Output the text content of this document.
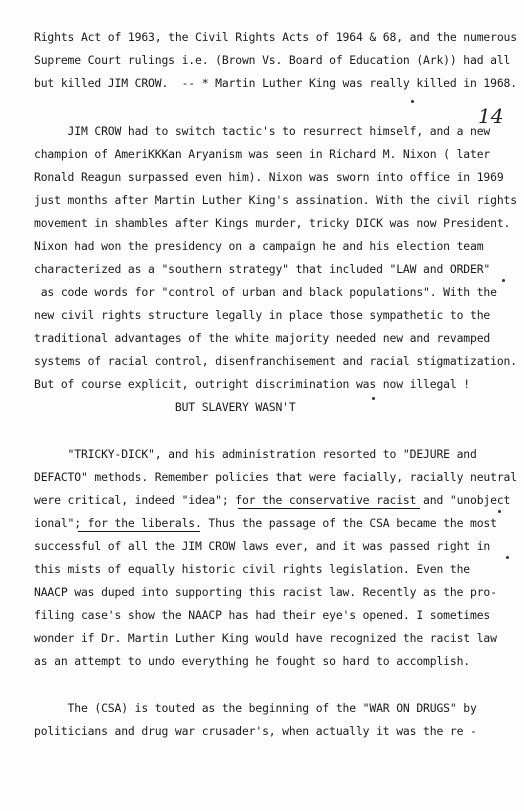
Rights Act of 1963, the Civil Rights Acts of 1964 & 68, and the numerous
Supreme Court rulings i.e. (Brown Vs. Board of Education (Ark)) had all
but killed JIM CROW.  -- * Martin Luther King was really killed in 1968.
14
JIM CROW had to switch tactic's to resurrect himself, and a new
champion of AmeriKKKan Aryanism was seen in Richard M. Nixon ( later
Ronald Reagun surpassed even him). Nixon was sworn into office in 1969
just months after Martin Luther King's assination. With the civil rights
movement in shambles after Kings murder, tricky DICK was now President.
Nixon had won the presidency on a campaign he and his election team
characterized as a "southern strategy" that included "LAW and ORDER"
as code words for "control of urban and black populations". With the
new civil rights structure legally in place those sympathetic to the
traditional advantages of the white majority needed new and revamped
systems of racial control, disenfranchisement and racial stigmatization.
But of course explicit, outright discrimination was now illegal !
BUT SLAVERY WASN'T
"TRICKY-DICK", and his administration resorted to "DEJURE and
DEFACTO" methods. Remember policies that were facially, racially neutral
were critical, indeed "idea"; for the conservative racist and "unobject
ional"; for the liberals. Thus the passage of the CSA became the most
successful of all the JIM CROW laws ever, and it was passed right in
this mists of equally historic civil rights legislation. Even the
NAACP was duped into supporting this racist law. Recently as the pro-
filing case's show the NAACP has had their eye's opened. I sometimes
wonder if Dr. Martin Luther King would have recognized the racist law
as an attempt to undo everything he fought so hard to accomplish.
The (CSA) is touted as the beginning of the "WAR ON DRUGS" by
politicians and drug war crusader's, when actually it was the re -
